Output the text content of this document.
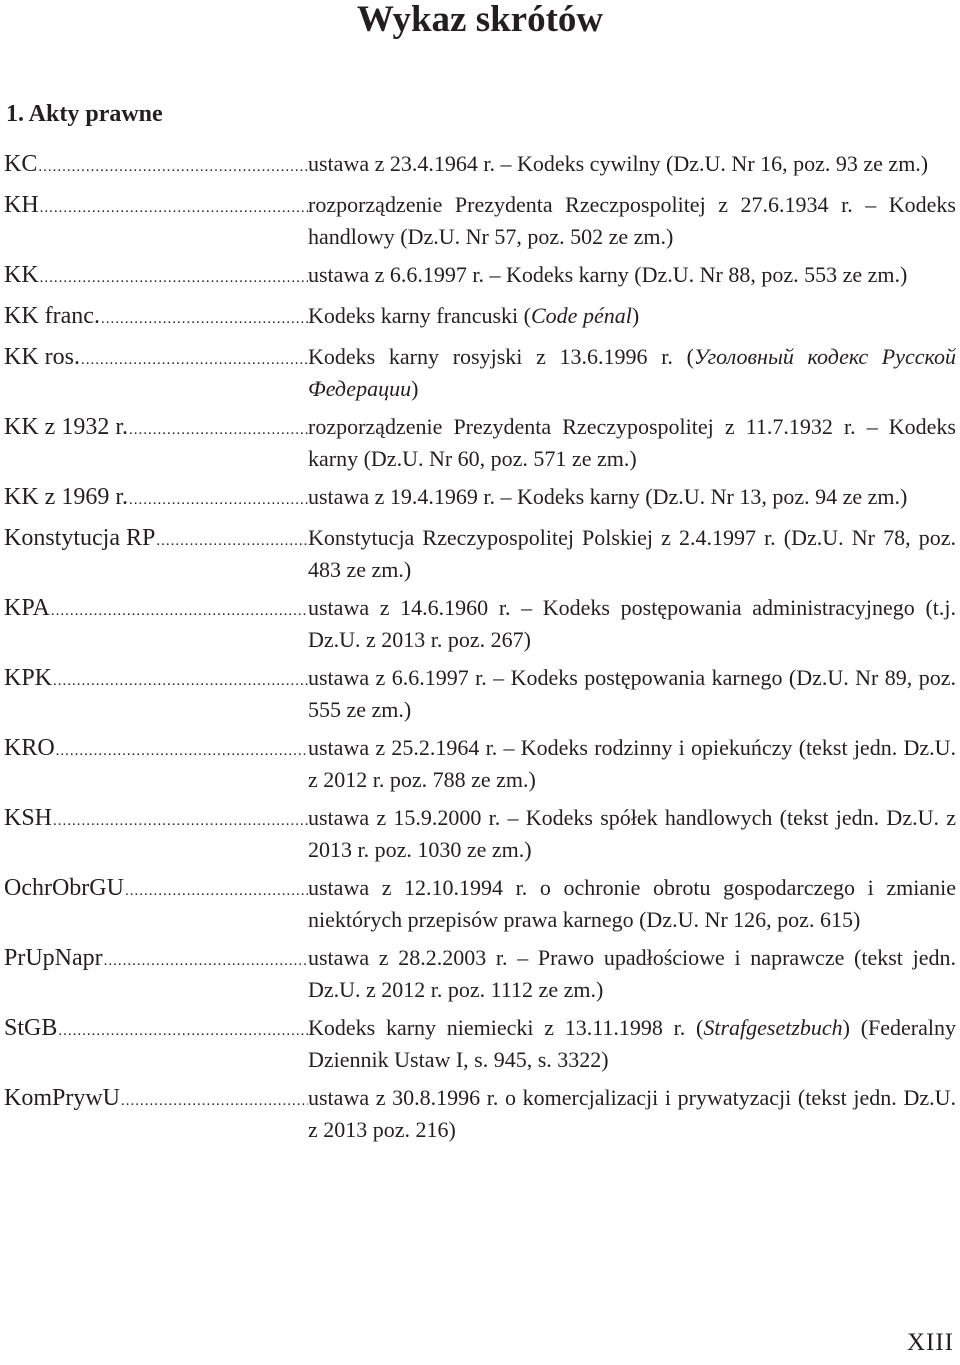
Wykaz skrótów
1. Akty prawne
KC .....	ustawa z 23.4.1964 r. – Kodeks cywilny (Dz.U. Nr 16, poz. 93 ze zm.)
KH .....	rozporządzenie Prezydenta Rzeczpospolitej z 27.6.1934 r. – Kodeks handlowy (Dz.U. Nr 57, poz. 502 ze zm.)
KK .....	ustawa z 6.6.1997 r. – Kodeks karny (Dz.U. Nr 88, poz. 553 ze zm.)
KK franc. .....	Kodeks karny francuski (Code pénal)
KK ros. .....	Kodeks karny rosyjski z 13.6.1996 r. (Уголовный кодекс Русской Федерации)
KK z 1932 r. .....	rozporządzenie Prezydenta Rzeczypospolitej z 11.7.1932 r. – Kodeks karny (Dz.U. Nr 60, poz. 571 ze zm.)
KK z 1969 r. .....	ustawa z 19.4.1969 r. – Kodeks karny (Dz.U. Nr 13, poz. 94 ze zm.)
Konstytucja RP .....	Konstytucja Rzeczypospolitej Polskiej z 2.4.1997 r. (Dz.U. Nr 78, poz. 483 ze zm.)
KPA .....	ustawa z 14.6.1960 r. – Kodeks postępowania administracyjnego (t.j. Dz.U. z 2013 r. poz. 267)
KPK .....	ustawa z 6.6.1997 r. – Kodeks postępowania karnego (Dz.U. Nr 89, poz. 555 ze zm.)
KRO .....	ustawa z 25.2.1964 r. – Kodeks rodzinny i opiekuńczy (tekst jedn. Dz.U. z 2012 r. poz. 788 ze zm.)
KSH .....	ustawa z 15.9.2000 r. – Kodeks spółek handlowych (tekst jedn. Dz.U. z 2013 r. poz. 1030 ze zm.)
OchrObrGU .....	ustawa z 12.10.1994 r. o ochronie obrotu gospodarczego i zmianie niektórych przepisów prawa karnego (Dz.U. Nr 126, poz. 615)
PrUpNapr .....	ustawa z 28.2.2003 r. – Prawo upadłościowe i naprawcze (tekst jedn. Dz.U. z 2012 r. poz. 1112 ze zm.)
StGB .....	Kodeks karny niemiecki z 13.11.1998 r. (Strafgesetzbuch) (Federalny Dziennik Ustaw I, s. 945, s. 3322)
KomPrywU .....	ustawa z 30.8.1996 r. o komercjalizacji i prywatyzacji (tekst jedn. Dz.U. z 2013 poz. 216)
XIII
